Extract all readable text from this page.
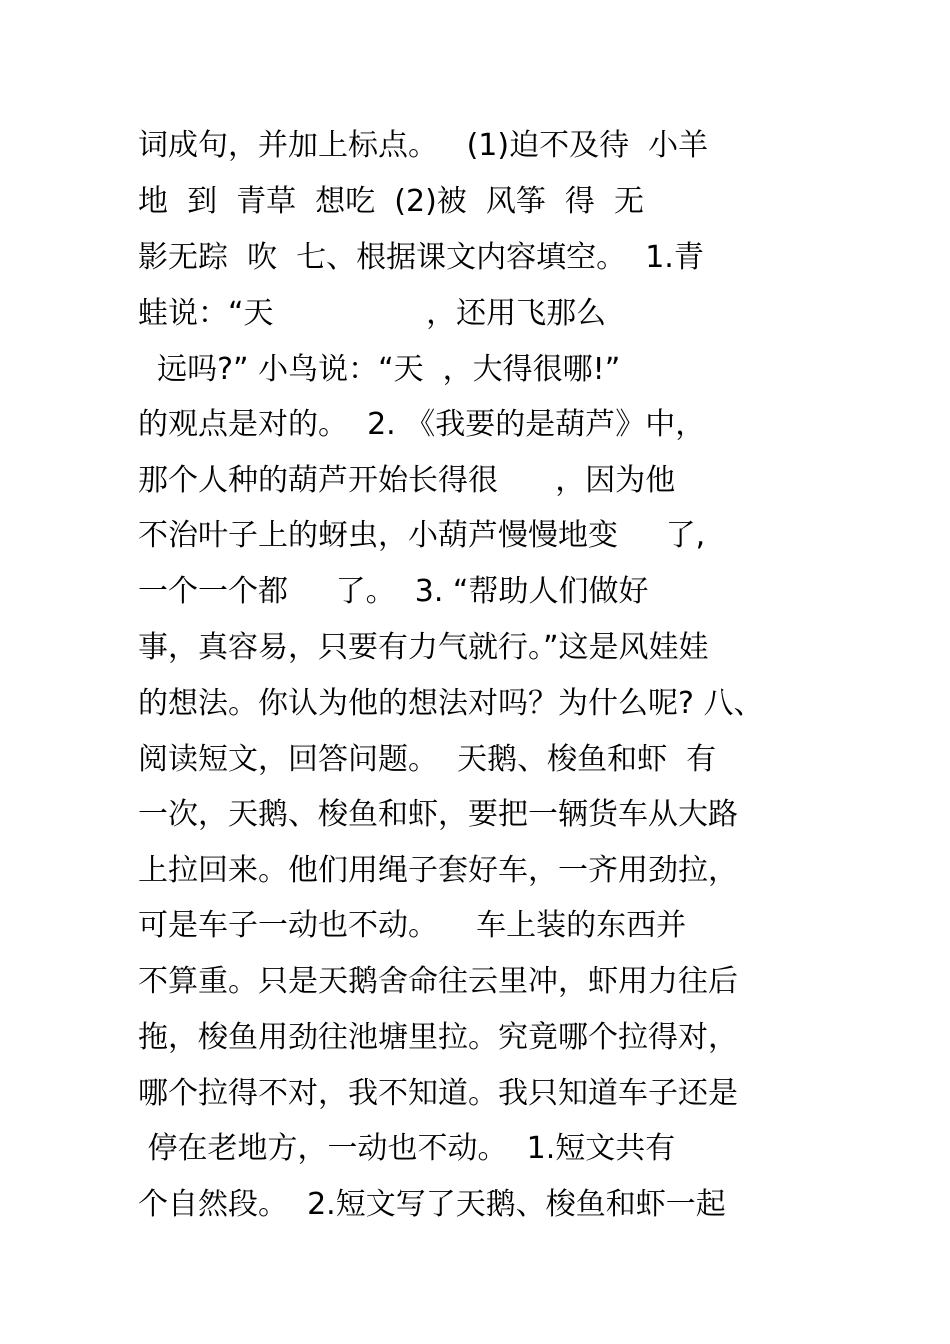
词成句，并加上标点。   (1)迫不及待  小羊
地  到  青草  想吃  (2)被  风筝  得  无
影无踪  吹  七、根据课文内容填空。  1.青
蛙说：“天                ，还用飞那么
远吗?” 小鸟说：“天  ，大得很哪!”
的观点是对的。  2. 《我要的是葫芦》中，
那个人种的葫芦开始长得很      ，因为他
不治叶子上的蚜虫，小葫芦慢慢地变     了,
一个一个都     了。  3. “帮助人们做好
事，真容易，只要有力气就行。”这是风娃娃
的想法。你认为他的想法对吗？为什么呢? 八、
阅读短文，回答问题。  天鹅、梭鱼和虾  有
一次，天鹅、梭鱼和虾，要把一辆货车从大路
上拉回来。他们用绳子套好车，一齐用劲拉，
可是车子一动也不动。    车上装的东西并
不算重。只是天鹅舍命往云里冲，虾用力往后
拖，梭鱼用劲往池塘里拉。究竟哪个拉得对，
哪个拉得不对，我不知道。我只知道车子还是
停在老地方，一动也不动。  1.短文共有
个自然段。  2.短文写了天鹅、梭鱼和虾一起
